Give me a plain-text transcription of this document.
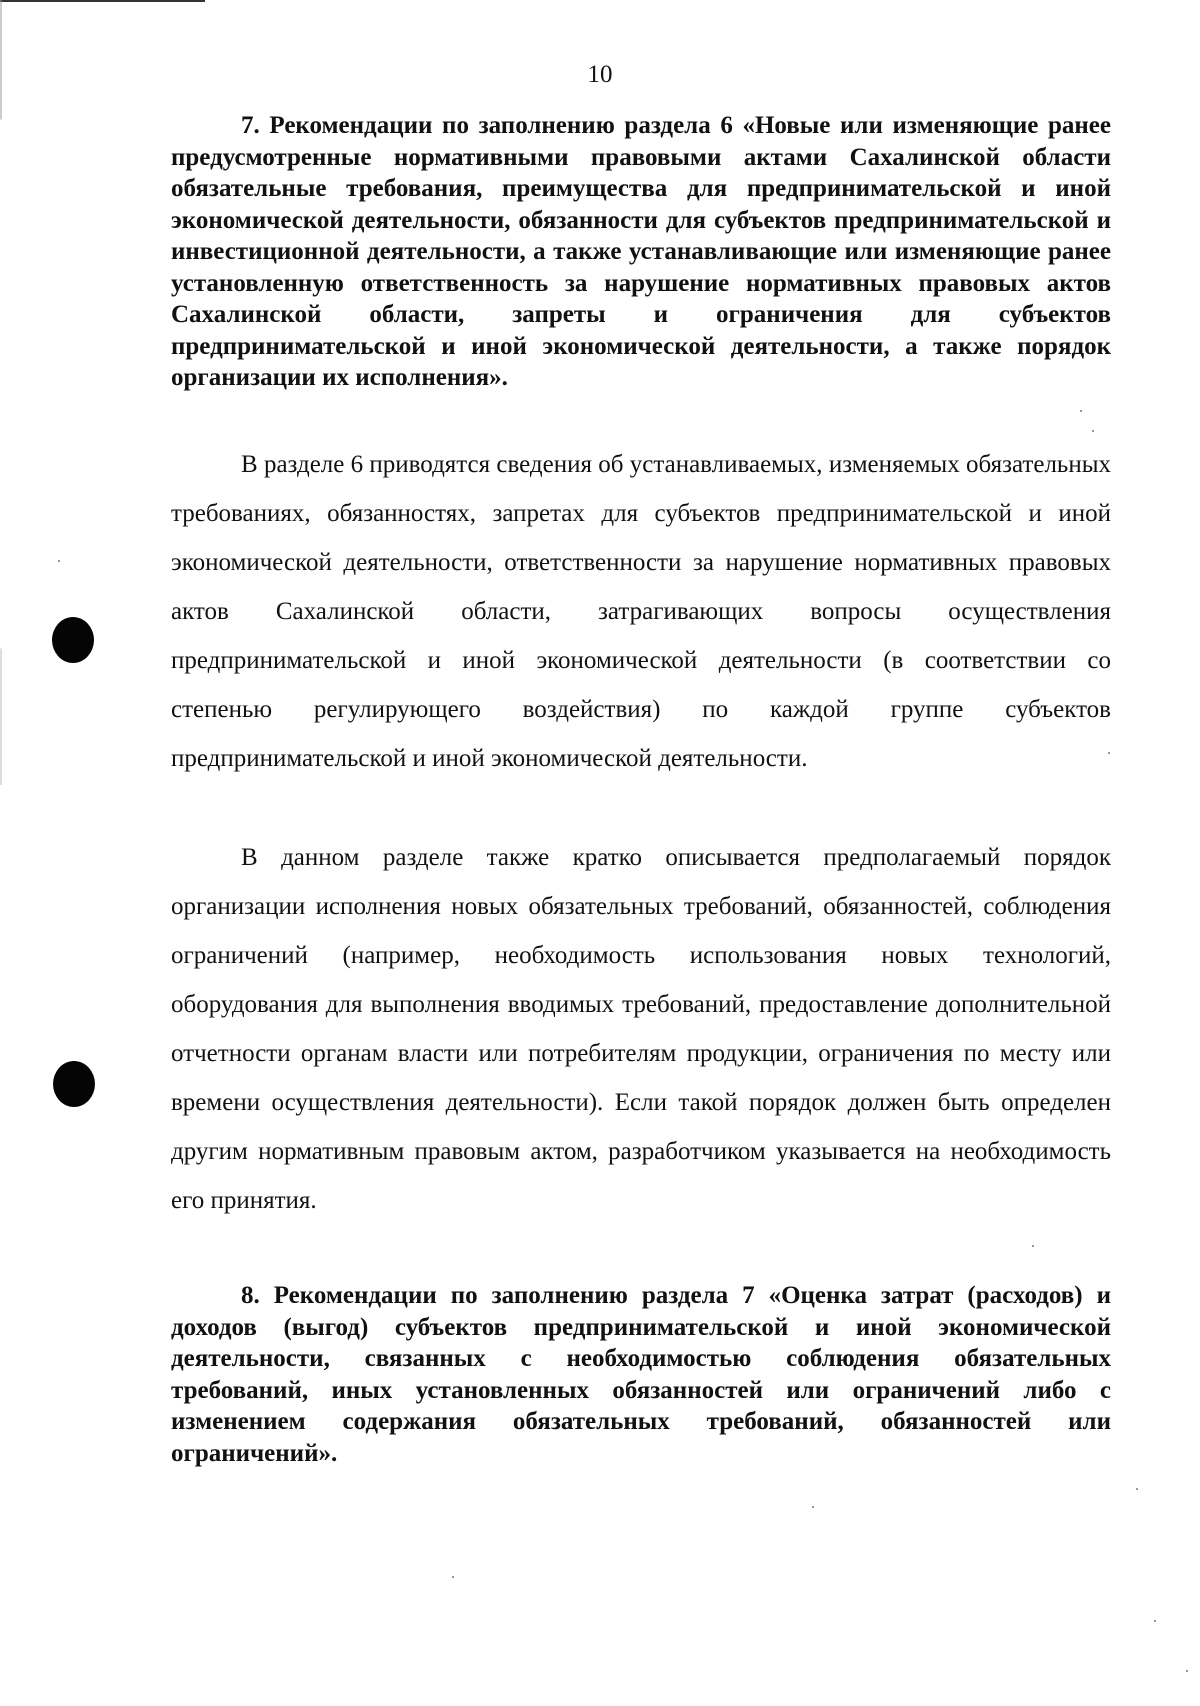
10

7. Рекомендации по заполнению раздела 6 «Новые или изменяющие ранее предусмотренные нормативными правовыми актами Сахалинской области обязательные требования, преимущества для предпринимательской и иной экономической деятельности, обязанности для субъектов предпринимательской и инвестиционной деятельности, а также устанавливающие или изменяющие ранее установленную ответственность за нарушение нормативных правовых актов Сахалинской области, запреты и ограничения для субъектов предпринимательской и иной экономической деятельности, а также порядок организации их исполнения».

В разделе 6 приводятся сведения об устанавливаемых, изменяемых обязательных требованиях, обязанностях, запретах для субъектов предпринимательской и иной экономической деятельности, ответственности за нарушение нормативных правовых актов Сахалинской области, затрагивающих вопросы осуществления предпринимательской и иной экономической деятельности (в соответствии со степенью регулирующего воздействия) по каждой группе субъектов предпринимательской и иной экономической деятельности.

В данном разделе также кратко описывается предполагаемый порядок организации исполнения новых обязательных требований, обязанностей, соблюдения ограничений (например, необходимость использования новых технологий, оборудования для выполнения вводимых требований, предоставление дополнительной отчетности органам власти или потребителям продукции, ограничения по месту или времени осуществления деятельности). Если такой порядок должен быть определен другим нормативным правовым актом, разработчиком указывается на необходимость его принятия.

8. Рекомендации по заполнению раздела 7 «Оценка затрат (расходов) и доходов (выгод) субъектов предпринимательской и иной экономической деятельности, связанных с необходимостью соблюдения обязательных требований, иных установленных обязанностей или ограничений либо с изменением содержания обязательных требований, обязанностей или ограничений».
